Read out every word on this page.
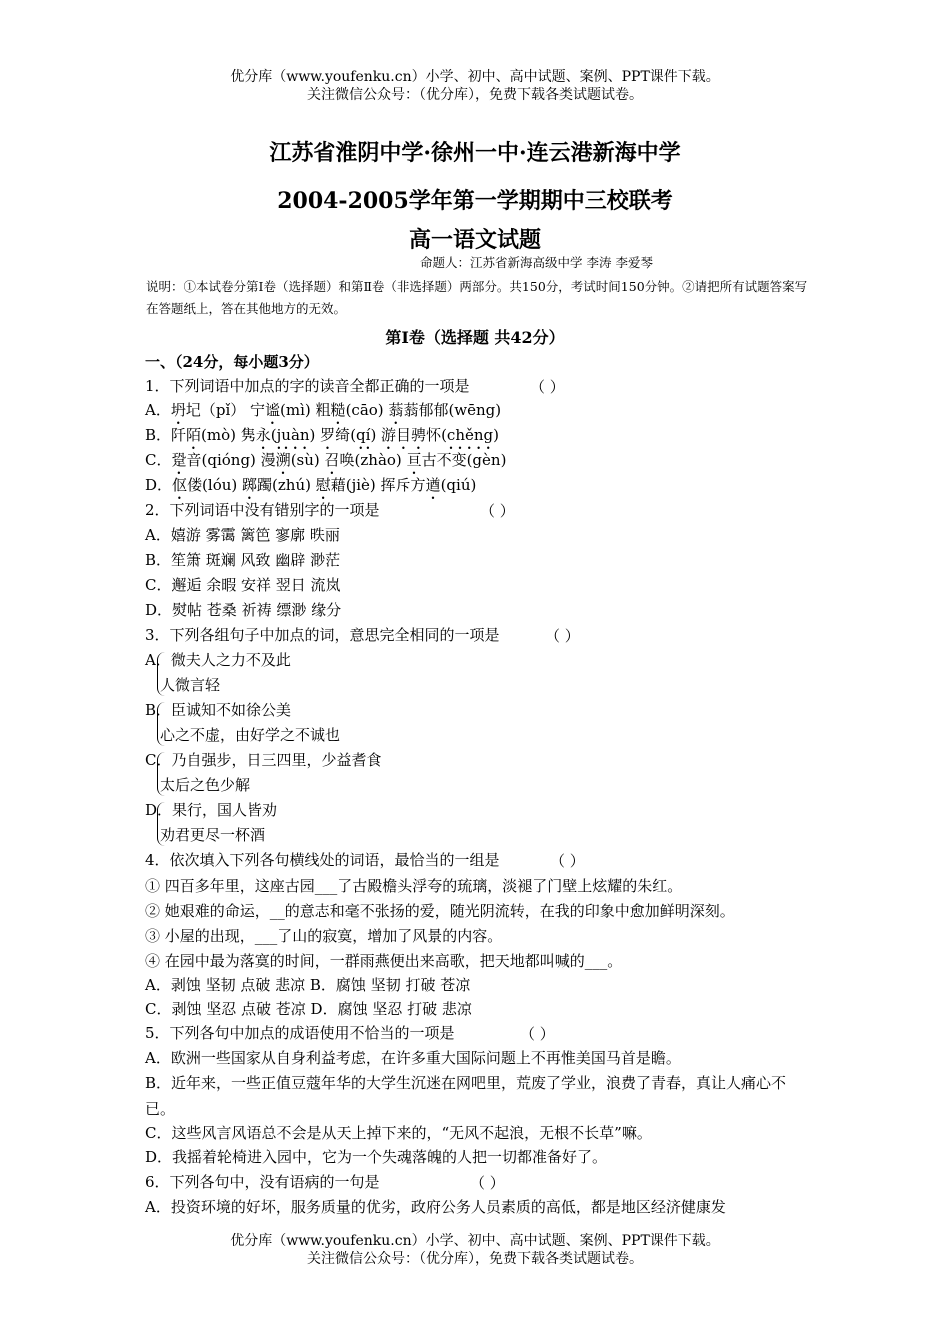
优分库（www.youfenku.cn）小学、初中、高中试题、案例、PPT课件下载。
关注微信公众号：（优分库），免费下载各类试题试卷。
江苏省淮阴中学·徐州一中·连云港新海中学
2004-2005学年第一学期期中三校联考
高一语文试题
命题人：江苏省新海高级中学 李涛 李爱琴
说明：①本试卷分第Ⅰ卷（选择题）和第Ⅱ卷（非选择题）两部分。共150分，考试时间150分钟。②请把所有试题答案写在答题纸上，答在其他地方的无效。
第Ⅰ卷（选择题 共42分）
一、（24分，每小题3分）
1．下列词语中加点的字的读音全都正确的一项是	（ ）
A．坍圮（pǐ） 宁谧(mì) 粗糙(cāo) 蓊蓊郁郁(wēng)
B．阡陌(mò) 隽永(juàn) 罗绮(qí) 游目骋怀(chěng)
C．跫音(qióng) 漫溯(sù) 召唤(zhào) 亘古不变(gèn)
D．伛偻(lóu) 踯躅(zhú) 慰藉(jiè) 挥斥方遒(qiú)
2．下列词语中没有错别字的一项是	（ ）
A．嬉游 雾霭 篱笆 寥廓 昳丽
B．笙箫 斑斓 风致 幽辟 渺茫
C．邂逅 余暇 安祥 翌日 流岚
D．熨帖 苍桑 祈祷 缥渺 缘分
3．下列各组句子中加点的词，意思完全相同的一项是	（ ）
A．微夫人之力不及此
人微言轻
B．臣诚知不如徐公美
心之不虚，由好学之不诚也
C．乃自强步，日三四里，少益耆食
太后之色少解
D．果行，国人皆劝
劝君更尽一杯酒
4．依次填入下列各句横线处的词语，最恰当的一组是	（ ）
① 四百多年里，这座古园___了古殿檐头浮夸的琉璃，淡褪了门壁上炫耀的朱红。
② 她艰难的命运，__的意志和毫不张扬的爱，随光阴流转，在我的印象中愈加鲜明深刻。
③ 小屋的出现，___了山的寂寞，增加了风景的内容。
④ 在园中最为落寞的时间，一群雨燕便出来高歌，把天地都叫喊的___。
A．剥蚀 坚韧 点破 悲凉 B．腐蚀 坚韧 打破 苍凉
C．剥蚀 坚忍 点破 苍凉 D．腐蚀 坚忍 打破 悲凉
5．下列各句中加点的成语使用不恰当的一项是	（ ）
A．欧洲一些国家从自身利益考虑，在许多重大国际问题上不再惟美国马首是瞻。
B．近年来，一些正值豆蔻年华的大学生沉迷在网吧里，荒废了学业，浪费了青春，真让人痛心不已。
C．这些风言风语总不会是从天上掉下来的，“无风不起浪，无根不长草”嘛。
D．我摇着轮椅进入园中，它为一个失魂落魄的人把一切都准备好了。
6．下列各句中，没有语病的一句是	（ ）
A．投资环境的好坏，服务质量的优劣，政府公务人员素质的高低，都是地区经济健康发
优分库（www.youfenku.cn）小学、初中、高中试题、案例、PPT课件下载。
关注微信公众号：（优分库），免费下载各类试题试卷。
